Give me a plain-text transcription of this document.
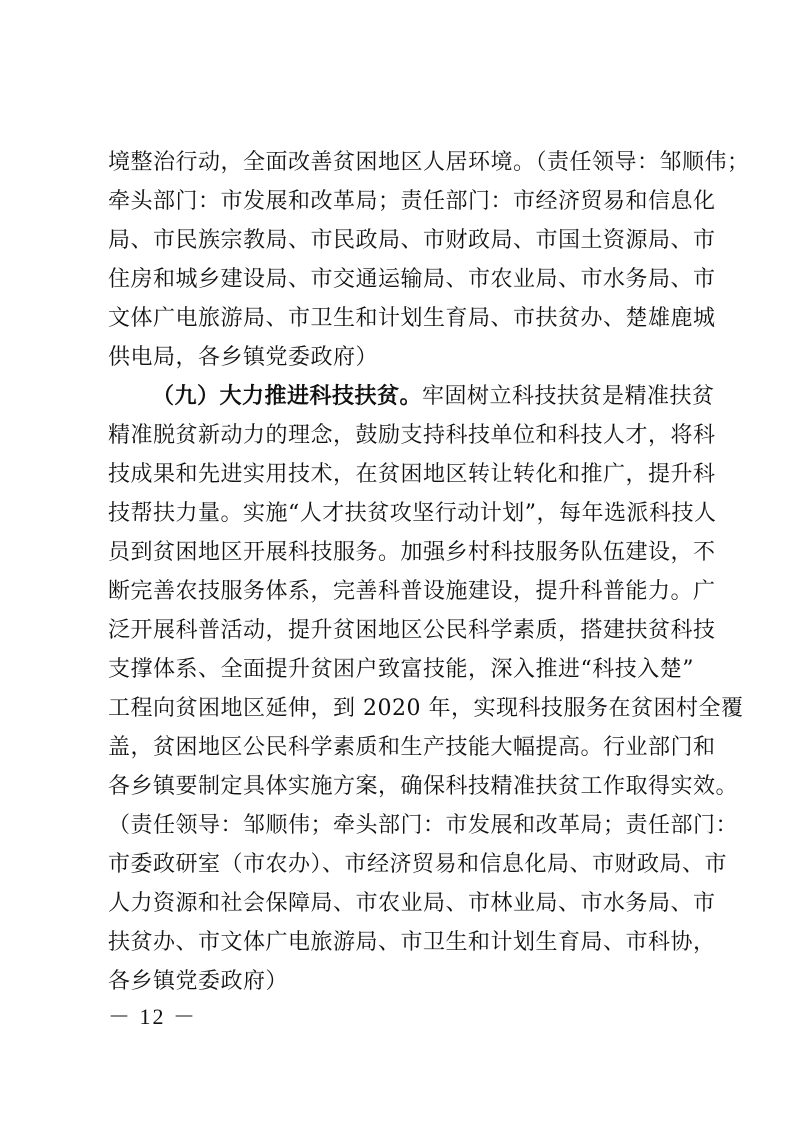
境整治行动，全面改善贫困地区人居环境。（责任领导：邹顺伟；
牵头部门：市发展和改革局；责任部门：市经济贸易和信息化
局、市民族宗教局、市民政局、市财政局、市国土资源局、市
住房和城乡建设局、市交通运输局、市农业局、市水务局、市
文体广电旅游局、市卫生和计划生育局、市扶贫办、楚雄鹿城
供电局，各乡镇党委政府）
（九）大力推进科技扶贫。牢固树立科技扶贫是精准扶贫
精准脱贫新动力的理念，鼓励支持科技单位和科技人才，将科
技成果和先进实用技术，在贫困地区转让转化和推广，提升科
技帮扶力量。实施“人才扶贫攻坚行动计划”，每年选派科技人
员到贫困地区开展科技服务。加强乡村科技服务队伍建设，不
断完善农技服务体系，完善科普设施建设，提升科普能力。广
泛开展科普活动，提升贫困地区公民科学素质，搭建扶贫科技
支撑体系、全面提升贫困户致富技能，深入推进“科技入楚”
工程向贫困地区延伸，到 2020 年，实现科技服务在贫困村全覆
盖，贫困地区公民科学素质和生产技能大幅提高。行业部门和
各乡镇要制定具体实施方案，确保科技精准扶贫工作取得实效。
（责任领导：邹顺伟；牵头部门：市发展和改革局；责任部门：
市委政研室（市农办）、市经济贸易和信息化局、市财政局、市
人力资源和社会保障局、市农业局、市林业局、市水务局、市
扶贫办、市文体广电旅游局、市卫生和计划生育局、市科协，
各乡镇党委政府）
－ 12 －
